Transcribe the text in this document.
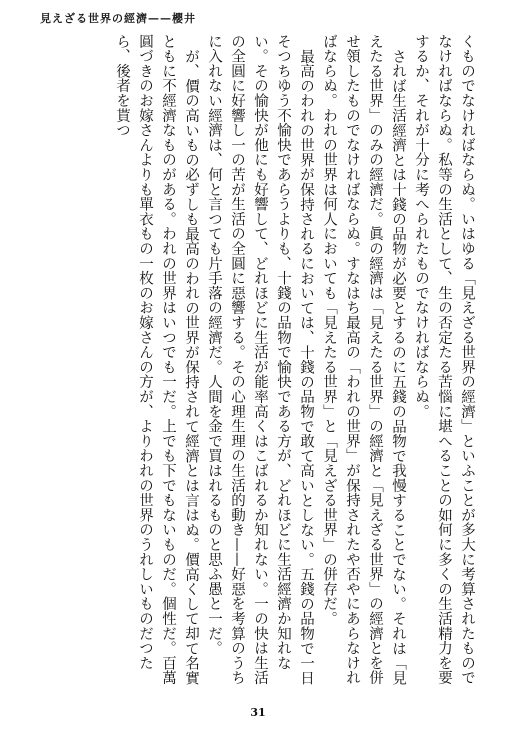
見えざる世界の經濟——櫻井

くものでなければならぬ。いはゆる「見えざる世界の經濟」といふことが多大に考算されたものでなければならぬ。私等の生活として、生の否定たる苦惱に堪へることの如何に多くの生活精力を要するか、それが十分に考へられたものでなければならぬ。

されば生活經濟とは十錢の品物が必要とするのに五錢の品物で我慢することでない。それは「見えたる世界」のみの經濟だ。眞の經濟は「見えたる世界」の經濟と「見えざる世界」の經濟とを併せ領したものでなければならぬ。すなはち最高の「われの世界」が保持されたや否やにあらなければならぬ。われの世界は何人においても「見えたる世界」と「見えざる世界」の併存だ。

最高のわれの世界が保持されるにおいては、十錢の品物で敢て高いとしない。五錢の品物で一日そつちゆう不愉快であらうよりも、十錢の品物で愉快である方が、どれほどに生活經濟か知れない。その愉快が他にも好響して、どれほどに生活が能率高くはこばれるか知れない。一の快は生活の全圓に好響し一の苦が生活の全圓に惡響する。その心理生理の生活的動き——好惡を考算のうちに入れない經濟は、何と言つても片手落の經濟だ。人間を金で買はれるものと思ふ愚と一だ。

が、價の高いもの必ずしも最高のわれの世界が保持されて經濟とは言はぬ。價高くして却て名實ともに不經濟なものがある。われの世界はいつでも一だ。上でも下でもないものだ。個性だ。百萬圓づきのお嫁さんよりも單衣もの一枚のお嫁さんの方が、よりわれの世界のうれしいものだつたら、後者を貰つ

31
